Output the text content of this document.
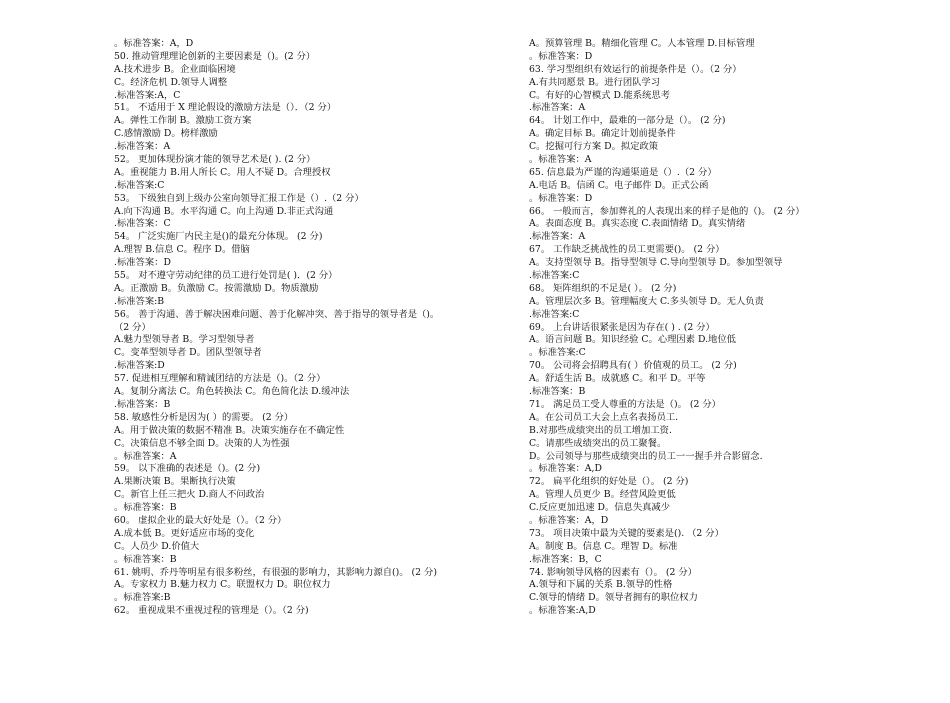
。标准答案：A，D
50. 推动管理理论创新的主要因素是（)。(2 分）
A.技术进步 B。企业面临困境
C。经济危机 D.领导人调整
.标准答案:A，C
51。 不适用于 X 理论假设的激励方法是（）．（2 分）
A。弹性工作制 B。激励工资方案
C.感情激励 D。榜样激励
.标准答案：A
52。 更加体现扮演才能的领导艺术是( ). (2 分）
A。重视能力 B.用人所长 C。用人不疑 D。合理授权
.标准答案:C
53。 下级独自到上级办公室向领导汇报工作是（）.（2 分）
A.向下沟通 B。水平沟通 C。向上沟通 D.非正式沟通
.标准答案：C
54。 广泛实施厂内民主是()的最充分体现。 (2 分)
A.理智 B.信息 C。程序 D。借脑
.标准答案：D
55。 对不遵守劳动纪律的员工进行处罚是( )．(2 分）
A。正激励 B。负激励 C。按需激励 D。物质激励
.标准答案:B
56。 善于沟通、善于解决困难问题、善于化解冲突、善于指导的领导者是（)。
（2 分）
A.魅力型领导者 B。学习型领导者
C。变革型领导者 D。团队型领导者
.标准答案:D
57. 促进相互理解和精诚团结的方法是（)。（2 分）
A。复制分离法 C。角色转换法 C。角色简化法 D.缓冲法
.标准答案：B
58. 敏感性分析是因为( ）的需要。 (2 分）
A。用于做决策的数据不精准 B。决策实施存在不确定性
C。决策信息不够全面 D。决策的人为性强
。标准答案：A
59。 以下准确的表述是（)。(2 分)
A.果断决策 B。果断执行决策
C。新官上任三把火 D.商人不问政治
。标准答案：B
60。 虚拟企业的最大好处是（）。（2 分）
A.成本低 B。更好适应市场的变化
C。人员少 D.价值大
。标准答案：B
61. 姚明、乔丹等明星有很多粉丝，有很强的影响力，其影响力源自()。 (2 分)
A。专家权力 B.魅力权力 C。联盟权力 D。职位权力
。标准答案:B
62。 重视成果不重视过程的管理是（）。（2 分)
A。预算管理 B。精细化管理 C。人本管理 D.目标管理
。标准答案：D
63. 学习型组织有效运行的前提条件是（）。（2 分）
A.有共同愿景 B。进行团队学习
C。有好的心智模式 D.能系统思考
.标准答案：A
64。 计划工作中，最难的一部分是（）。 (2 分)
A。确定目标 B。确定计划前提条件
C。挖掘可行方案 D。拟定政策
。标准答案：A
65. 信息最为严谨的沟通渠道是（）.（2 分）
A.电话 B。信函 C。电子邮件 D。正式公函
。标准答案：D
66。 一般而言，参加葬礼的人表现出来的样子是他的（)。 (2 分）
A。表面态度 B。真实态度 C.表面情绪 D。真实情绪
.标准答案：A
67。 工作缺乏挑战性的员工更需要()。 (2 分）
A。支持型领导 B。指导型领导 C.导向型领导 D。参加型领导
.标准答案:C
68。 矩阵组织的不足是( ）。 (2 分)
A。管理层次多 B。管理幅度大 C.多头领导 D。无人负责
.标准答案:C
69。 上台讲话很紧张是因为存在( ) . (2 分）
A。语言问题 B。知识经验 C。心理因素 D.地位低
。标准答案:C
70。 公司将会招聘具有( ）价值观的员工。 (2 分)
A。舒适生活 B。成就感 C。和平 D。平等
.标准答案：B
71。 满足员工受人尊重的方法是（)。 (2 分）
A。在公司员工大会上点名表扬员工.
B.对那些成绩突出的员工增加工资.
C。请那些成绩突出的员工聚餐。
D。公司领导与那些成绩突出的员工一一握手并合影留念.
。标准答案：A,D
72。 扁平化组织的好处是（）。 (2 分)
A。管理人员更少 B。经营风险更低
C.反应更加迅速 D。信息失真减少
。标准答案：A，D
73。 项目决策中最为关键的要素是(). （2 分）
A。制度 B。信息 C。理智 D。标准
.标准答案：B，C
74. 影响领导风格的因素有（）。 (2 分）
A.领导和下属的关系 B.领导的性格
C.领导的情绪 D。领导者拥有的职位权力
。标准答案:A,D
